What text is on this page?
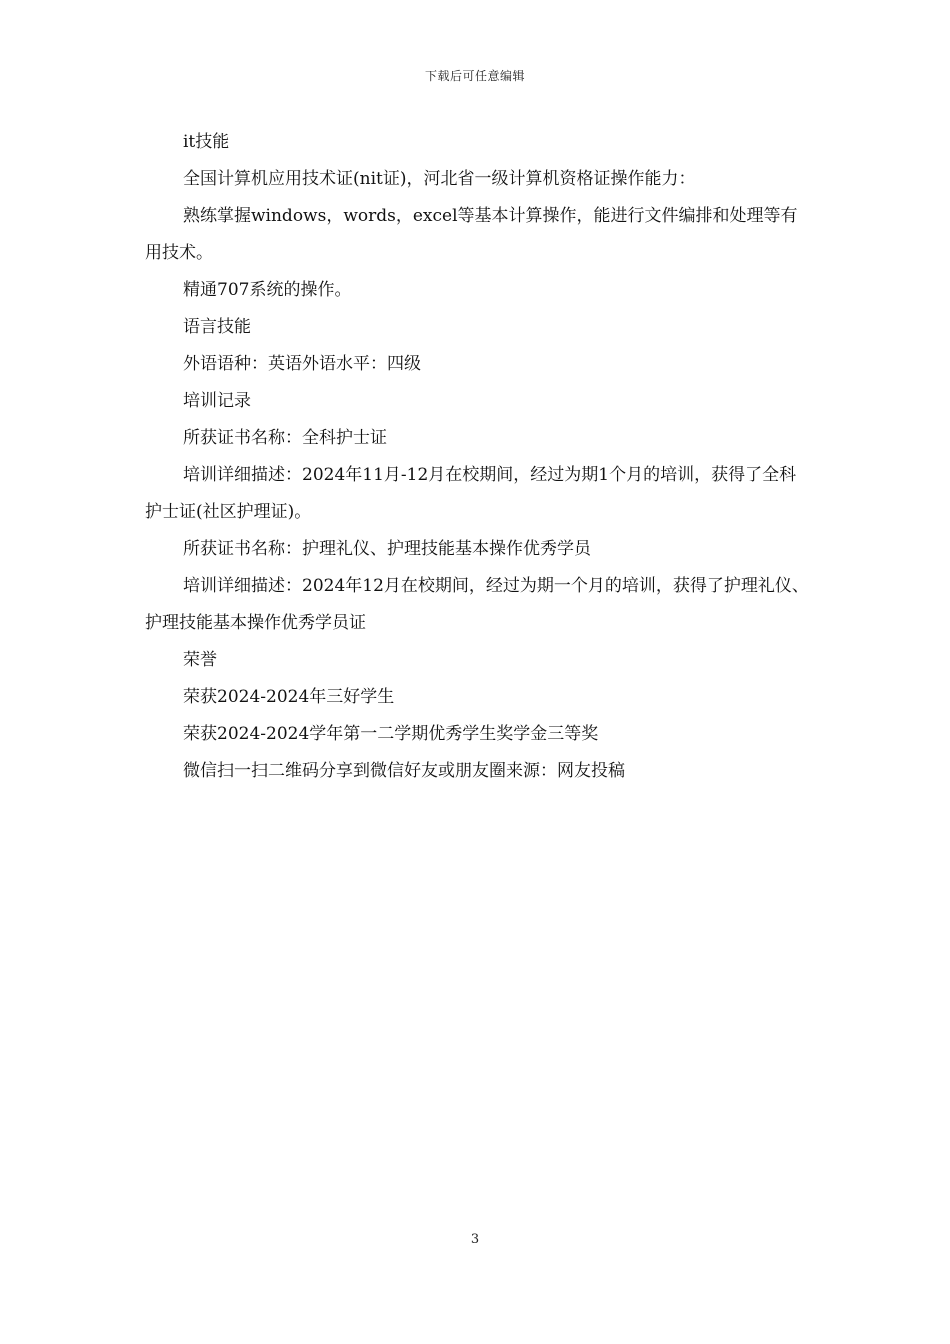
下载后可任意编辑

it技能

全国计算机应用技术证(nit证)，河北省一级计算机资格证操作能力：

熟练掌握windows，words，excel等基本计算操作，能进行文件编排和处理等有用技术。

精通707系统的操作。

语言技能

外语语种：英语外语水平：四级

培训记录

所获证书名称：全科护士证

培训详细描述：2024年11月-12月在校期间，经过为期1个月的培训，获得了全科护士证(社区护理证)。

所获证书名称：护理礼仪、护理技能基本操作优秀学员

培训详细描述：2024年12月在校期间，经过为期一个月的培训，获得了护理礼仪、护理技能基本操作优秀学员证

荣誉

荣获2024-2024年三好学生

荣获2024-2024学年第一二学期优秀学生奖学金三等奖

微信扫一扫二维码分享到微信好友或朋友圈来源：网友投稿

3
